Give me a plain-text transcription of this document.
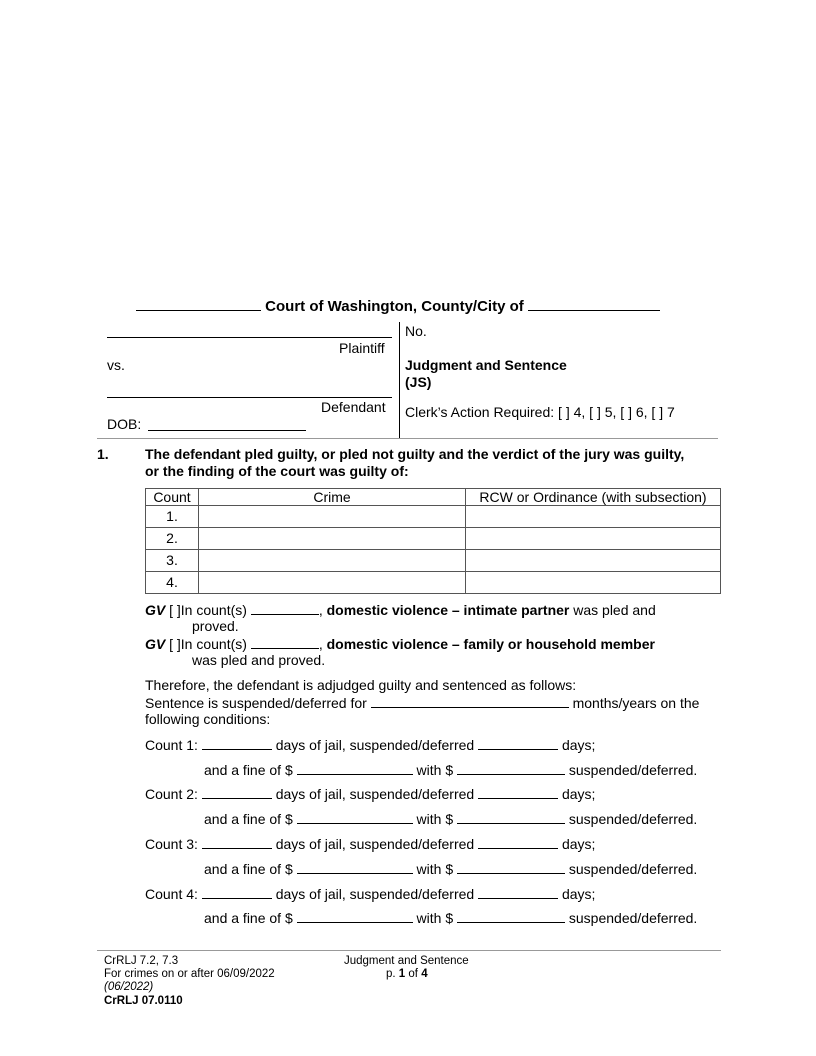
Court of Washington, County/City of
Plaintiff
vs.
Defendant
DOB:
No.
Judgment and Sentence
(JS)
Clerk’s Action Required: [ ] 4, [ ] 5, [ ] 6, [ ] 7
1.	The defendant pled guilty, or pled not guilty and the verdict of the jury was guilty,
or the finding of the court was guilty of:
Count	Crime	RCW or Ordinance (with subsection)
1.		
2.		
3.		
4.		
GV [ ]In count(s)	, domestic violence – intimate partner was pled and
proved.
GV [ ]In count(s)	, domestic violence – family or household member
was pled and proved.
Therefore, the defendant is adjudged guilty and sentenced as follows:
Sentence is suspended/deferred for	months/years on the
following conditions:
Count 1:	days of jail, suspended/deferred	days;
and a fine of $	with $	suspended/deferred.
Count 2:	days of jail, suspended/deferred	days;
and a fine of $	with $	suspended/deferred.
Count 3:	days of jail, suspended/deferred	days;
and a fine of $	with $	suspended/deferred.
Count 4:	days of jail, suspended/deferred	days;
and a fine of $	with $	suspended/deferred.
CrRLJ 7.2, 7.3
For crimes on or after 06/09/2022
(06/2022)
CrRLJ 07.0110
Judgment and Sentence
p. 1 of 4
